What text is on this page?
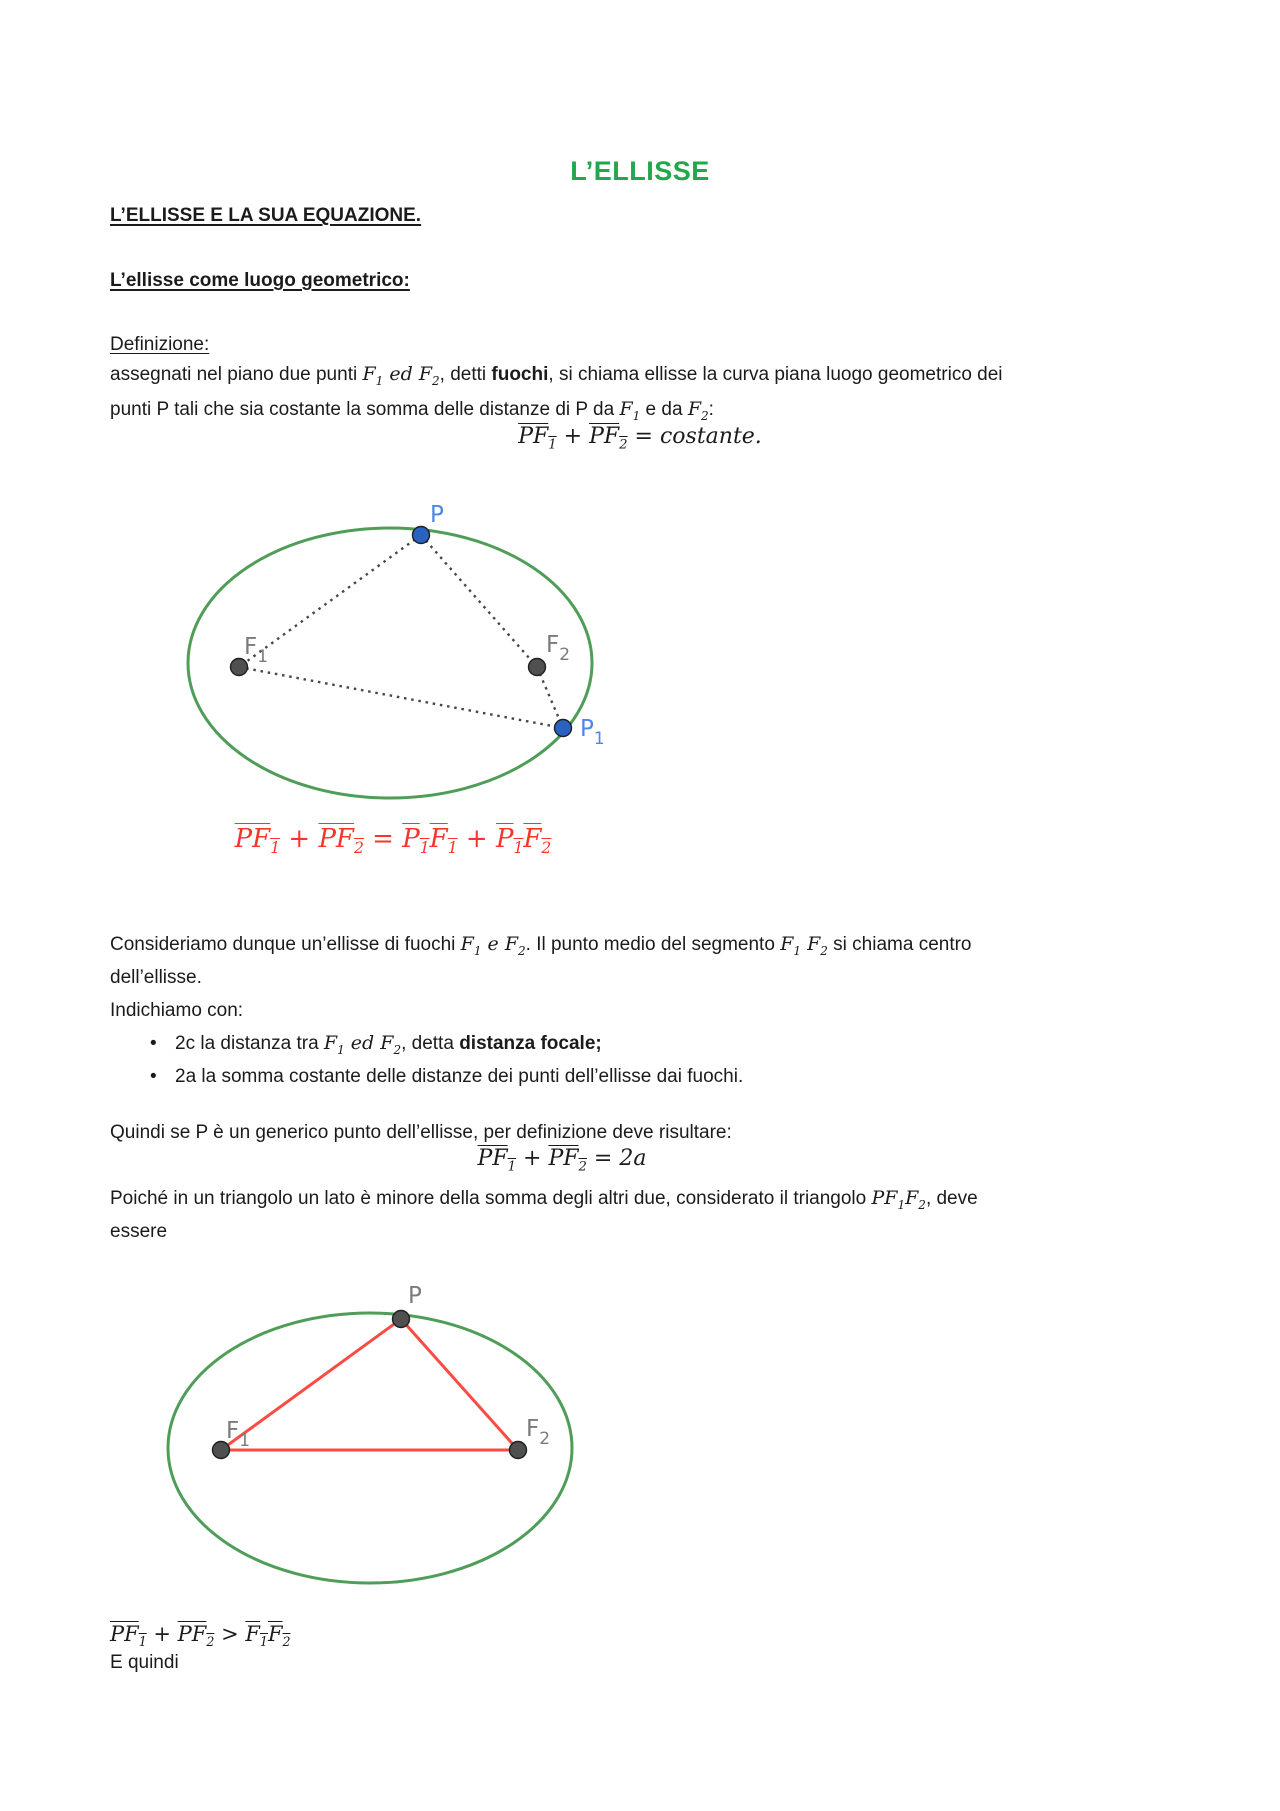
L’ELLISSE
L’ELLISSE E LA SUA EQUAZIONE.
L’ellisse come luogo geometrico:
Definizione:
assegnati nel piano due punti $F_1$ ed $F_2$, detti fuochi, si chiama ellisse la curva piana luogo geometrico dei
punti P tali che sia costante la somma delle distanze di P da $F_1$ e da $F_2$:
$PF_1 + PF_2$ = costante.
P
$F_1$	$F_2$
$P_1$
$PF_1 + PF_2 = P_1F_1 + P_1F_2$
Consideriamo dunque un’ellisse di fuochi $F_1$ e $F_2$. Il punto medio del segmento $F_1$ $F_2$ si chiama centro
dell’ellisse.
Indichiamo con:
• 2c la distanza tra $F_1$ ed $F_2$, detta distanza focale;
• 2a la somma costante delle distanze dei punti dell’ellisse dai fuochi.
Quindi se P è un generico punto dell’ellisse, per definizione deve risultare:
$PF_1 + PF_2 = 2a$
Poiché in un triangolo un lato è minore della somma degli altri due, considerato il triangolo $PF_1F_2$, deve
essere
P
$F_1$	$F_2$
$PF_1 + PF_2 > F_1F_2$
E quindi
